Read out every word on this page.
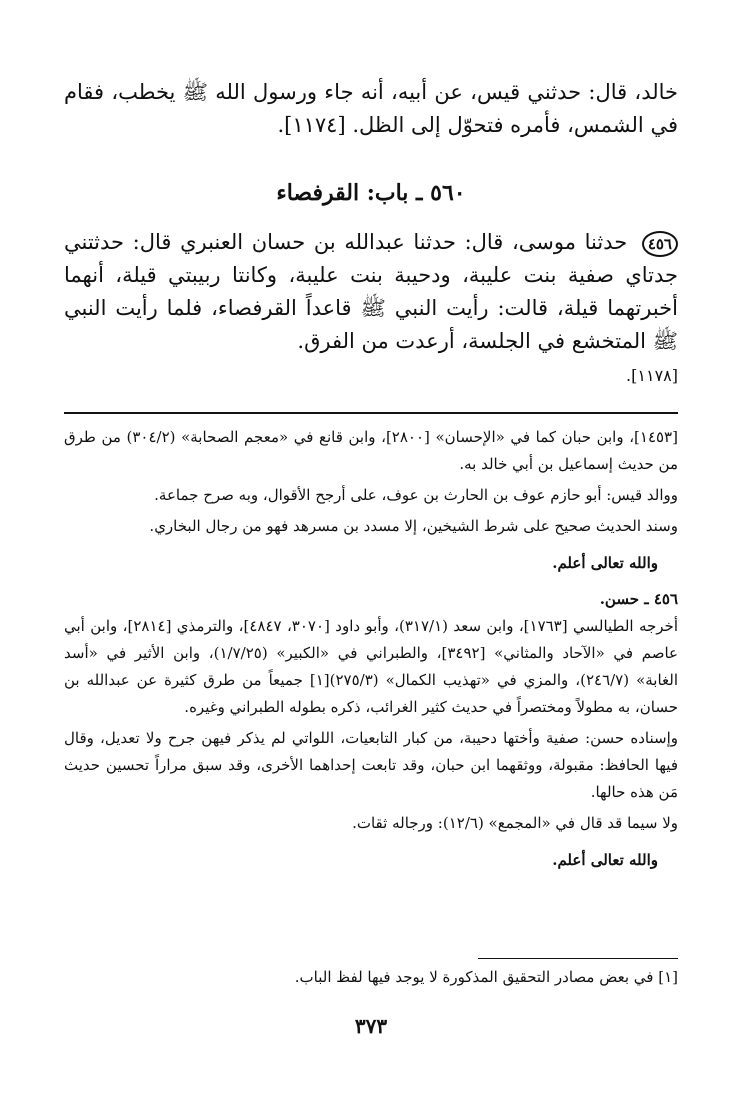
خالد، قال: حدثني قيس، عن أبيه، أنه جاء ورسول الله ﷺ يخطب، فقام في الشمس، فأمره فتحوّل إلى الظل. [١١٧٤].

٥٦٠ ـ باب: القرفصاء

٤٥٦ حدثنا موسى، قال: حدثنا عبدالله بن حسان العنبري قال: حدثتني جدتاي صفية بنت عليبة، ودحيبة بنت عليبة، وكانتا ربيبتي قيلة، أنهما أخبرتهما قيلة، قالت: رأيت النبي ﷺ قاعداً القرفصاء، فلما رأيت النبي ﷺ المتخشع في الجلسة، أرعدت من الفرق.
[١١٧٨].

[١٤٥٣]، وابن حبان كما في «الإحسان» [٢٨٠٠]، وابن قانع في «معجم الصحابة» (٣٠٤/٢) من طرق من حديث إسماعيل بن أبي خالد به.

ووالد قيس: أبو حازم عوف بن الحارث بن عوف، على أرجح الأقوال، وبه صرح جماعة.

وسند الحديث صحيح على شرط الشيخين، إلا مسدد بن مسرهد فهو من رجال البخاري.

والله تعالى أعلم.

٤٥٦ ـ حسن.

أخرجه الطيالسي [١٧٦٣]، وابن سعد (٣١٧/١)، وأبو داود [٣٠٧٠، ٤٨٤٧]، والترمذي [٢٨١٤]، وابن أبي عاصم في «الآحاد والمثاني» [٣٤٩٢]، والطبراني في «الكبير» (١/٧/٢٥)، وابن الأثير في «أسد الغابة» (٢٤٦/٧)، والمزي في «تهذيب الكمال» (٢٧٥/٣)[١] جميعاً من طرق كثيرة عن عبدالله بن حسان، به مطولاً ومختصراً في حديث كثير الغرائب، ذكره بطوله الطبراني وغيره.

وإسناده حسن: صفية وأختها دحيبة، من كبار التابعيات، اللواتي لم يذكر فيهن جرح ولا تعديل، وقال فيها الحافظ: مقبولة، ووثقهما ابن حبان، وقد تابعت إحداهما الأخرى، وقد سبق مراراً تحسين حديث مَن هذه حالها.

ولا سيما قد قال في «المجمع» (١٢/٦): ورجاله ثقات.

والله تعالى أعلم.

[١] في بعض مصادر التحقيق المذكورة لا يوجد فيها لفظ الباب.

٣٧٣
